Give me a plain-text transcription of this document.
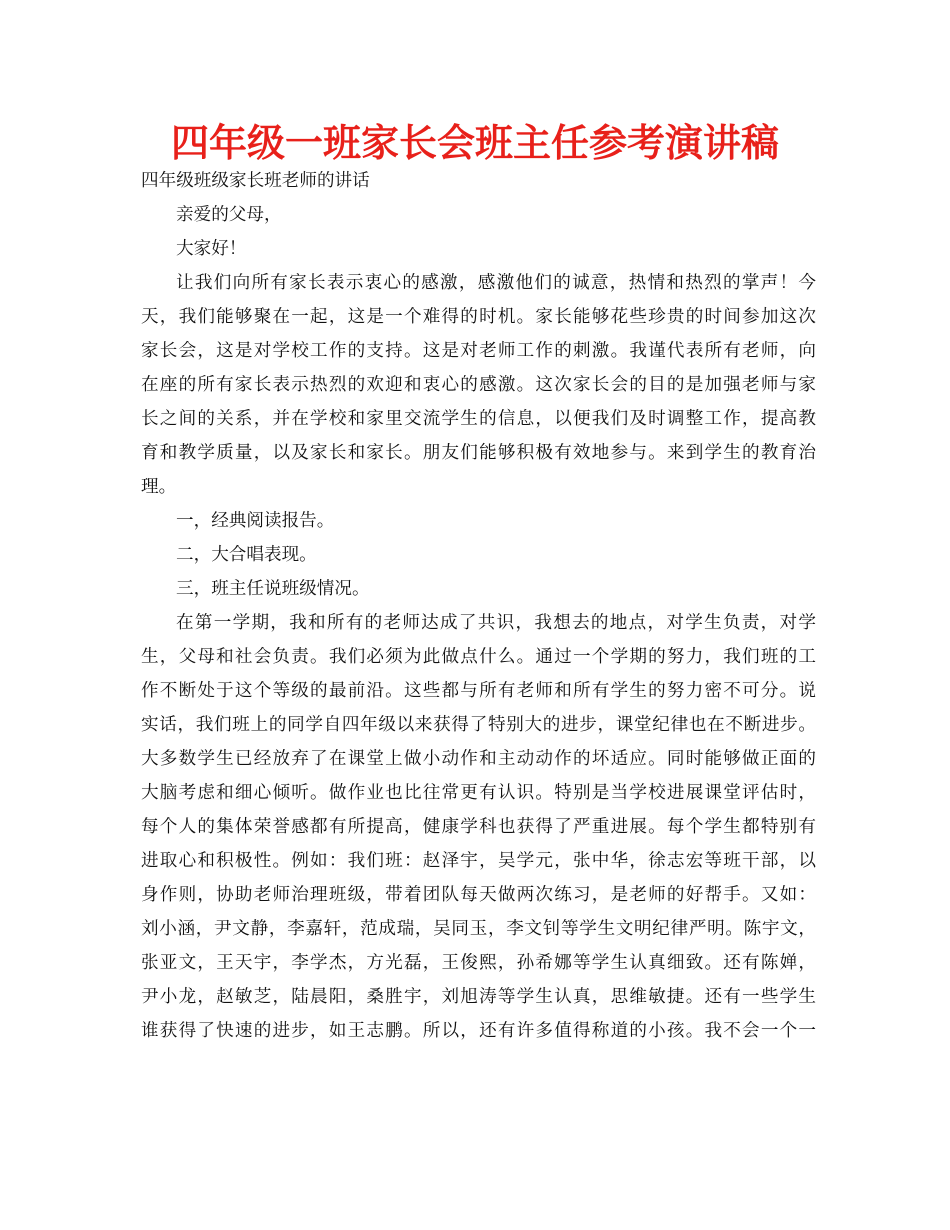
四年级一班家长会班主任参考演讲稿
四年级班级家长班老师的讲话
亲爱的父母，
大家好！
让我们向所有家长表示衷心的感激，感激他们的诚意，热情和热烈的掌声！今
天，我们能够聚在一起，这是一个难得的时机。家长能够花些珍贵的时间参加这次
家长会，这是对学校工作的支持。这是对老师工作的刺激。我谨代表所有老师，向
在座的所有家长表示热烈的欢迎和衷心的感激。这次家长会的目的是加强老师与家
长之间的关系，并在学校和家里交流学生的信息，以便我们及时调整工作，提高教
育和教学质量，以及家长和家长。朋友们能够积极有效地参与。来到学生的教育治
理。
一，经典阅读报告。
二，大合唱表现。
三，班主任说班级情况。
在第一学期，我和所有的老师达成了共识，我想去的地点，对学生负责，对学
生，父母和社会负责。我们必须为此做点什么。通过一个学期的努力，我们班的工
作不断处于这个等级的最前沿。这些都与所有老师和所有学生的努力密不可分。说
实话，我们班上的同学自四年级以来获得了特别大的进步，课堂纪律也在不断进步。
大多数学生已经放弃了在课堂上做小动作和主动动作的坏适应。同时能够做正面的
大脑考虑和细心倾听。做作业也比往常更有认识。特别是当学校进展课堂评估时，
每个人的集体荣誉感都有所提高，健康学科也获得了严重进展。每个学生都特别有
进取心和积极性。例如：我们班：赵泽宇，吴学元，张中华，徐志宏等班干部，以
身作则，协助老师治理班级，带着团队每天做两次练习，是老师的好帮手。又如：
刘小涵，尹文静，李嘉轩，范成瑞，吴同玉，李文钊等学生文明纪律严明。陈宇文，
张亚文，王天宇，李学杰，方光磊，王俊熙，孙希娜等学生认真细致。还有陈婵，
尹小龙，赵敏芝，陆晨阳，桑胜宇，刘旭涛等学生认真，思维敏捷。还有一些学生
谁获得了快速的进步，如王志鹏。所以，还有许多值得称道的小孩。我不会一个一
